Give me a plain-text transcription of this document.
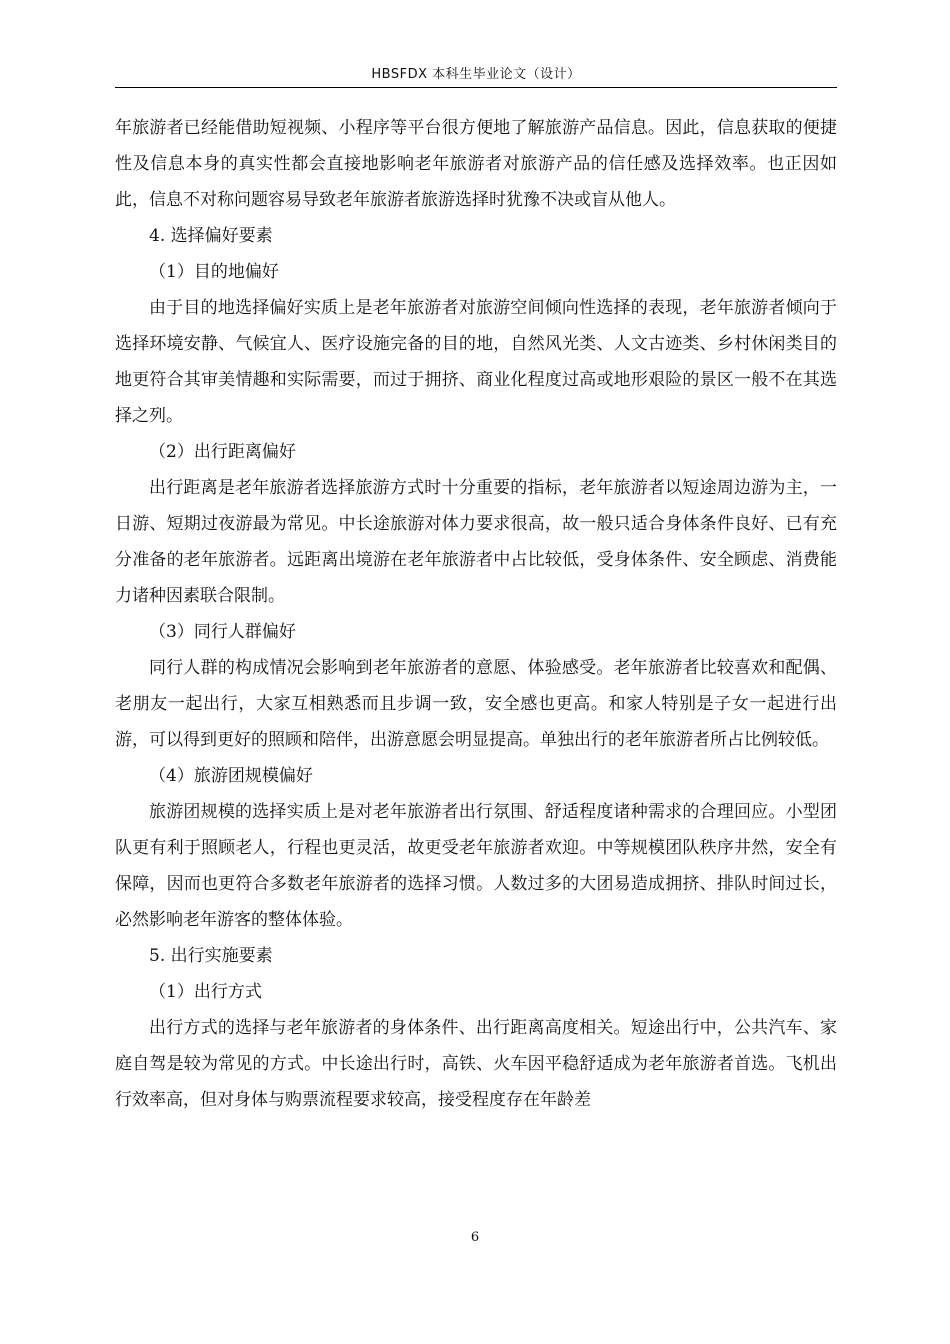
HBSFDX 本科生毕业论文（设计）

年旅游者已经能借助短视频、小程序等平台很方便地了解旅游产品信息。因此，信息获取的便捷性及信息本身的真实性都会直接地影响老年旅游者对旅游产品的信任感及选择效率。也正因如此，信息不对称问题容易导致老年旅游者旅游选择时犹豫不决或盲从他人。

4. 选择偏好要素

（1）目的地偏好

由于目的地选择偏好实质上是老年旅游者对旅游空间倾向性选择的表现，老年旅游者倾向于选择环境安静、气候宜人、医疗设施完备的目的地，自然风光类、人文古迹类、乡村休闲类目的地更符合其审美情趣和实际需要，而过于拥挤、商业化程度过高或地形艰险的景区一般不在其选择之列。

（2）出行距离偏好

出行距离是老年旅游者选择旅游方式时十分重要的指标，老年旅游者以短途周边游为主，一日游、短期过夜游最为常见。中长途旅游对体力要求很高，故一般只适合身体条件良好、已有充分准备的老年旅游者。远距离出境游在老年旅游者中占比较低，受身体条件、安全顾虑、消费能力诸种因素联合限制。

（3）同行人群偏好

同行人群的构成情况会影响到老年旅游者的意愿、体验感受。老年旅游者比较喜欢和配偶、老朋友一起出行，大家互相熟悉而且步调一致，安全感也更高。和家人特别是子女一起进行出游，可以得到更好的照顾和陪伴，出游意愿会明显提高。单独出行的老年旅游者所占比例较低。

（4）旅游团规模偏好

旅游团规模的选择实质上是对老年旅游者出行氛围、舒适程度诸种需求的合理回应。小型团队更有利于照顾老人，行程也更灵活，故更受老年旅游者欢迎。中等规模团队秩序井然，安全有保障，因而也更符合多数老年旅游者的选择习惯。人数过多的大团易造成拥挤、排队时间过长，必然影响老年游客的整体体验。

5. 出行实施要素

（1）出行方式

出行方式的选择与老年旅游者的身体条件、出行距离高度相关。短途出行中，公共汽车、家庭自驾是较为常见的方式。中长途出行时，高铁、火车因平稳舒适成为老年旅游者首选。飞机出行效率高，但对身体与购票流程要求较高，接受程度存在年龄差

6
